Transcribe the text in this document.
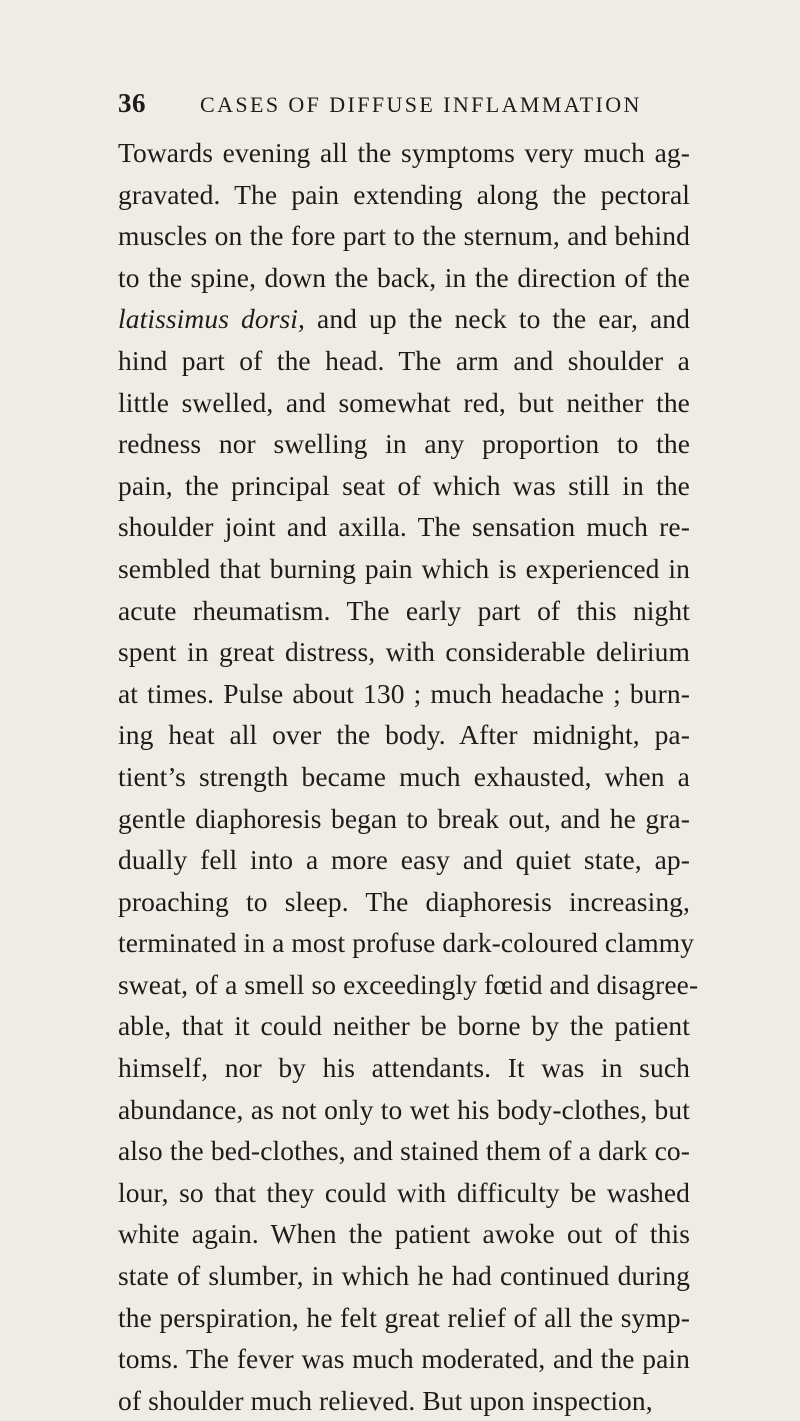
36	CASES OF DIFFUSE INFLAMMATION
Towards evening all the symptoms very much ag-
gravated. The pain extending along the pectoral
muscles on the fore part to the sternum, and behind
to the spine, down the back, in the direction of the
latissimus dorsi, and up the neck to the ear, and
hind part of the head. The arm and shoulder a
little swelled, and somewhat red, but neither the
redness nor swelling in any proportion to the
pain, the principal seat of which was still in the
shoulder joint and axilla. The sensation much re-
sembled that burning pain which is experienced in
acute rheumatism. The early part of this night
spent in great distress, with considerable delirium
at times. Pulse about 130 ; much headache ; burn-
ing heat all over the body. After midnight, pa-
tient’s strength became much exhausted, when a
gentle diaphoresis began to break out, and he gra-
dually fell into a more easy and quiet state, ap-
proaching to sleep. The diaphoresis increasing,
terminated in a most profuse dark-coloured clammy
sweat, of a smell so exceedingly fœtid and disagree-
able, that it could neither be borne by the patient
himself, nor by his attendants. It was in such
abundance, as not only to wet his body-clothes, but
also the bed-clothes, and stained them of a dark co-
lour, so that they could with difficulty be washed
white again. When the patient awoke out of this
state of slumber, in which he had continued during
the perspiration, he felt great relief of all the symp-
toms. The fever was much moderated, and the pain
of shoulder much relieved. But upon inspection,
